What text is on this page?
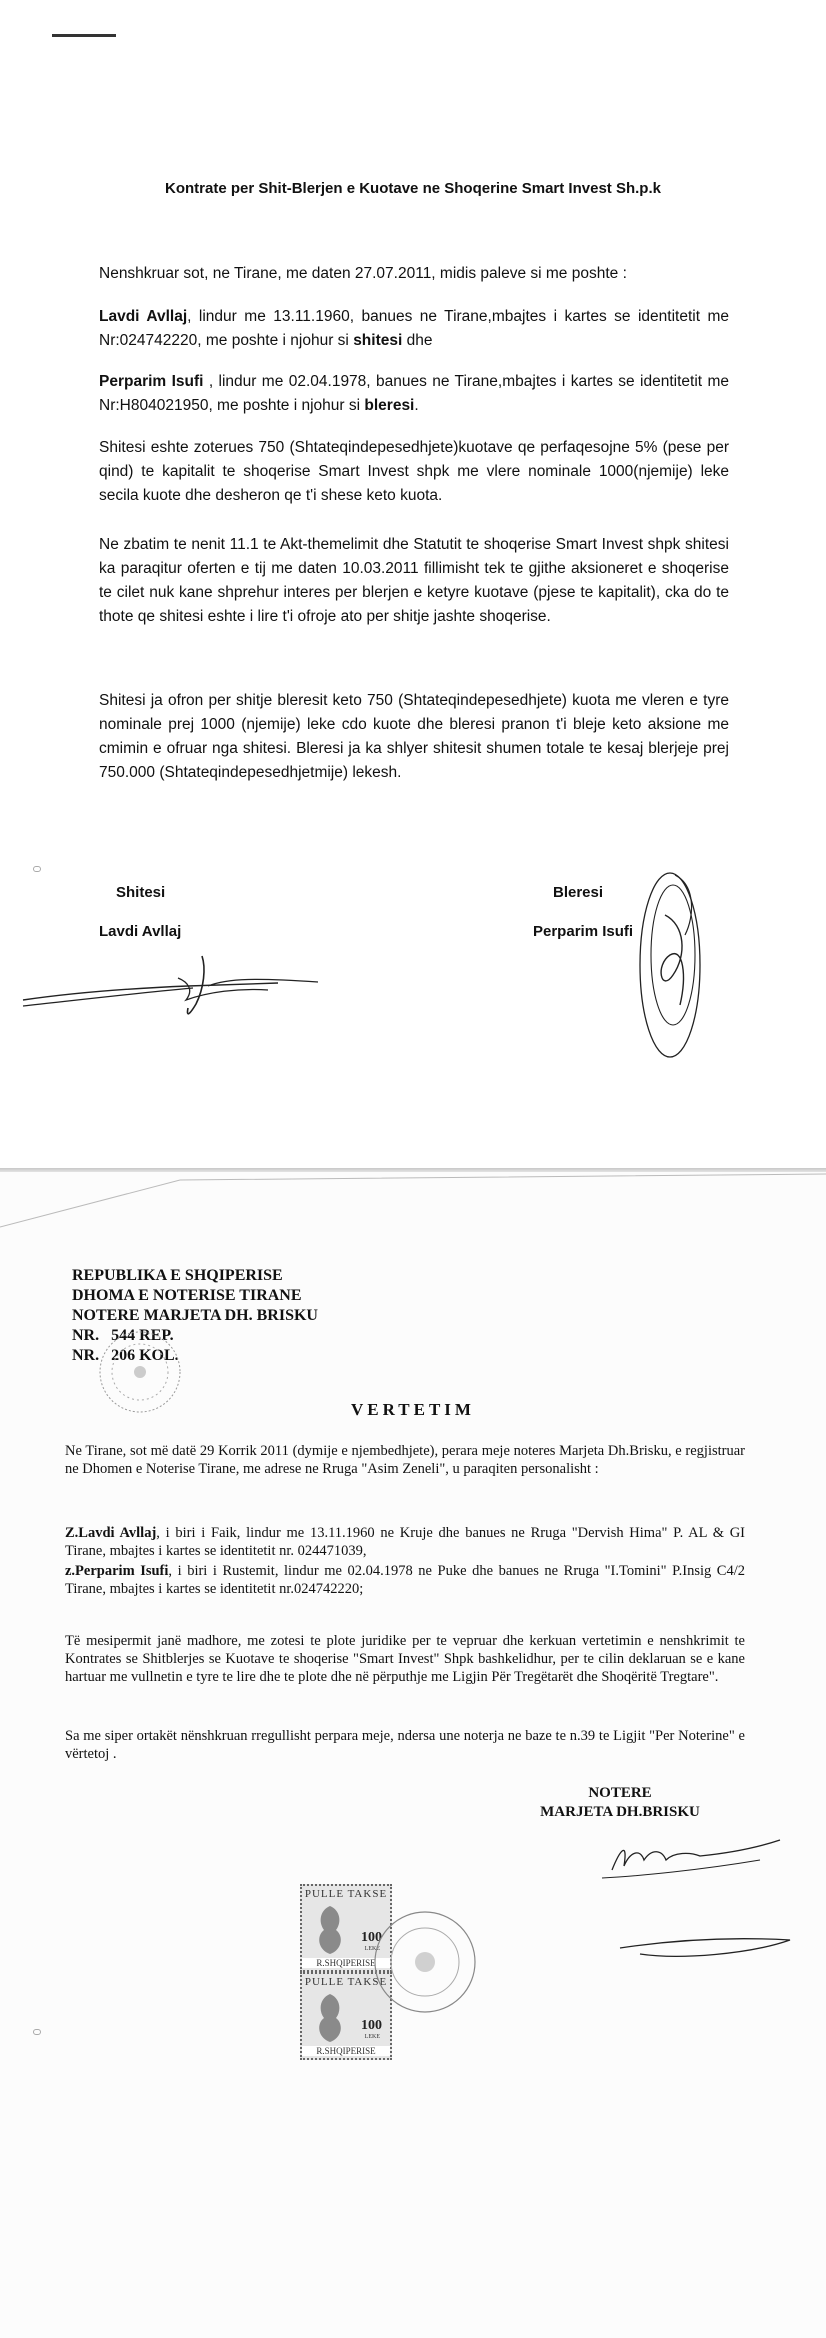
Kontrate per Shit-Blerjen e Kuotave ne Shoqerine Smart Invest Sh.p.k

Nenshkruar sot, ne Tirane, me daten 27.07.2011, midis paleve si me poshte :

Lavdi Avllaj, lindur me 13.11.1960, banues ne Tirane,mbajtes i kartes se identitetit me Nr:024742220, me poshte i njohur si shitesi dhe

Perparim Isufi , lindur me 02.04.1978, banues ne Tirane,mbajtes i kartes se identitetit me Nr:H804021950, me poshte i njohur si bleresi.

Shitesi eshte zoterues 750 (Shtateqindepesedhjete)kuotave qe perfaqesojne 5% (pese per qind) te kapitalit te shoqerise Smart Invest shpk me vlere nominale 1000(njemije) leke secila kuote dhe desheron qe t'i shese keto kuota.

Ne zbatim te nenit 11.1 te Akt-themelimit dhe Statutit te shoqerise Smart Invest shpk shitesi ka paraqitur oferten e tij me daten 10.03.2011 fillimisht tek te gjithe aksioneret e shoqerise te cilet nuk kane shprehur interes per blerjen e ketyre kuotave (pjese te kapitalit), cka do te thote qe shitesi eshte i lire t'i ofroje ato per shitje jashte shoqerise.

Shitesi ja ofron per shitje bleresit keto 750 (Shtateqindepesedhjete) kuota me vleren e tyre nominale prej 1000 (njemije) leke cdo kuote dhe bleresi pranon t'i bleje keto aksione me cmimin e ofruar nga shitesi. Bleresi ja ka shlyer shitesit shumen totale te kesaj blerjeje prej 750.000 (Shtateqindepesedhjetmije) lekesh.

Shitesi
Lavdi Avllaj
Bleresi
Perparim Isufi
REPUBLIKA E SHQIPERISE
DHOMA E NOTERISE TIRANE
NOTERE MARJETA DH. BRISKU
NR. 544 REP.
NR. 206 KOL.
VERTETIM

Ne Tirane, sot më datë 29 Korrik 2011 (dymije e njembedhjete), perara meje noteres Marjeta Dh.Brisku, e regjistruar ne Dhomen e Noterise Tirane, me adrese ne Rruga "Asim Zeneli", u paraqiten personalisht :

Z.Lavdi Avllaj, i biri i Faik, lindur me 13.11.1960 ne Kruje dhe banues ne Rruga "Dervish Hima" P. AL & GI Tirane, mbajtes i kartes se identitetit nr. 024471039,

z.Perparim Isufi, i biri i Rustemit, lindur me 02.04.1978 ne Puke dhe banues ne Rruga "I.Tomini" P.Insig C4/2 Tirane, mbajtes i kartes se identitetit nr.024742220;

Të mesipermit janë madhore, me zotesi te plote juridike per te vepruar dhe kerkuan vertetimin e nenshkrimit te Kontrates se Shitblerjes se Kuotave te shoqerise "Smart Invest" Shpk bashkelidhur, per te cilin deklaruan se e kane hartuar me vullnetin e tyre te lire dhe te plote dhe në përputhje me Ligjin Për Tregëtarët dhe Shoqëritë Tregtare".

Sa me siper ortakët nënshkruan rregullisht perpara meje, ndersa une noterja ne baze te n.39 te Ligjit "Per Noterine" e vërtetoj .

NOTERE
MARJETA DH.BRISKU
PULLE TAKSE
100
LEKE
R.SHQIPERISE
PULLE TAKSE
100
LEKE
R.SHQIPERISE
